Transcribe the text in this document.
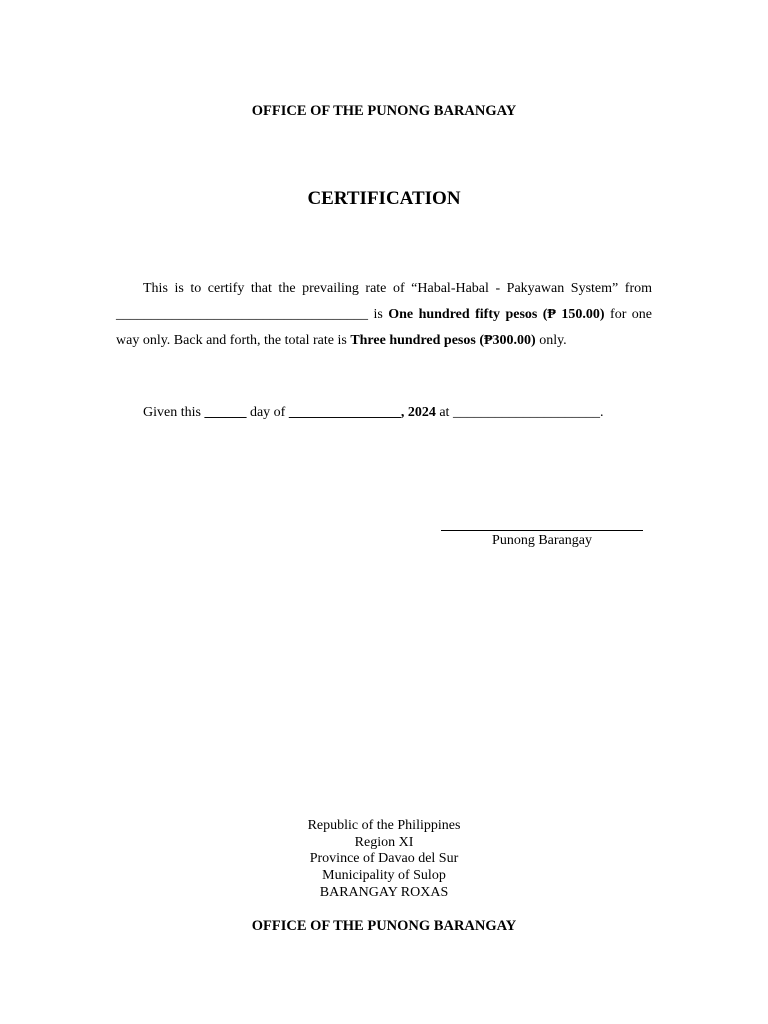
OFFICE OF THE PUNONG BARANGAY
CERTIFICATION
This is to certify that the prevailing rate of “Habal-Habal - Pakyawan System” from ____________________________________ is One hundred fifty pesos (₱ 150.00) for one way only. Back and forth, the total rate is Three hundred pesos (₱300.00) only.
Given this ______ day of ________________, 2024 at _____________________.
Punong Barangay
Republic of the Philippines
Region XI
Province of Davao del Sur
Municipality of Sulop
BARANGAY ROXAS
OFFICE OF THE PUNONG BARANGAY
